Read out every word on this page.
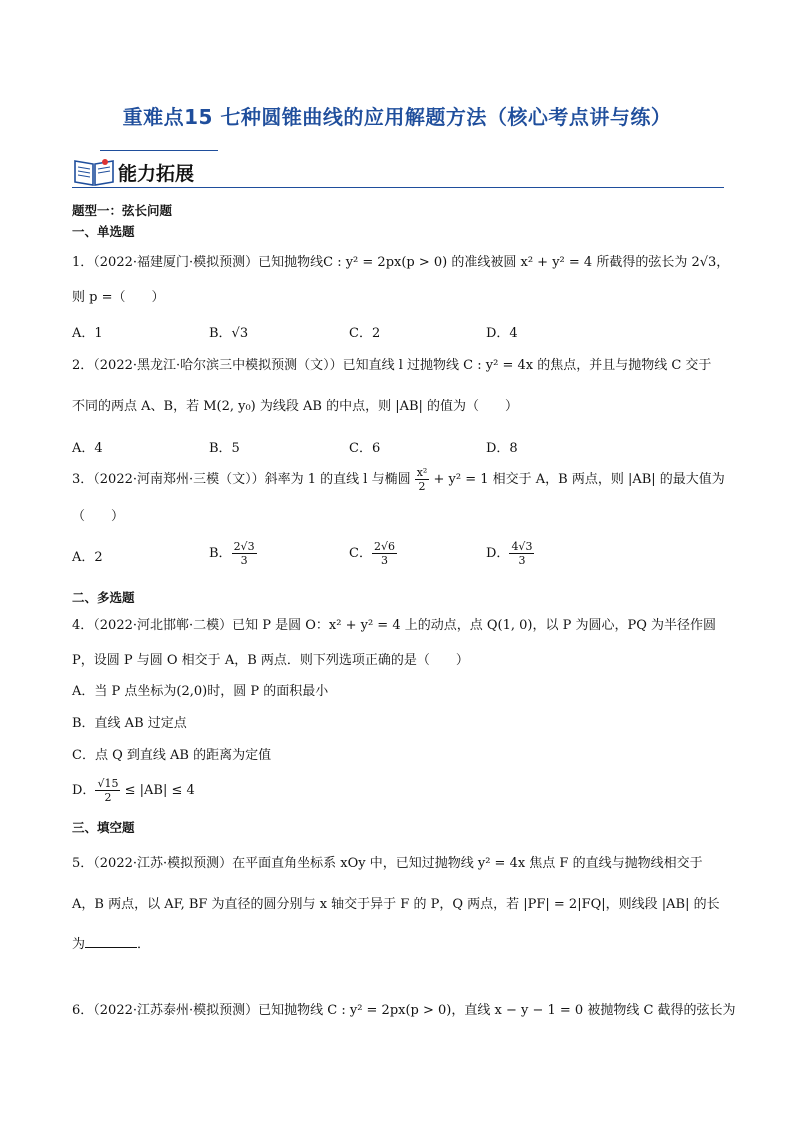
重难点15 七种圆锥曲线的应用解题方法（核心考点讲与练）
能力拓展
题型一：弦长问题
一、单选题
1．（2022·福建厦门·模拟预测）已知抛物线C : y² = 2px(p > 0) 的准线被圆 x² + y² = 4 所截得的弦长为 2√3，
则 p =（　　）
A．1	B．√3	C．2	D．4
2．（2022·黑龙江·哈尔滨三中模拟预测（文））已知直线 l 过抛物线 C : y² = 4x 的焦点，并且与抛物线 C 交于
不同的两点 A、B，若 M(2, y₀) 为线段 AB 的中点，则 |AB| 的值为（　　）
A．4	B．5	C．6	D．8
3．（2022·河南郑州·三模（文））斜率为 1 的直线 l 与椭圆 $\frac{\text{x²}}{2} + y^2 = 1$ 相交于 A，B 两点，则 |AB| 的最大值为
（　　）
A．2	B． $\frac{2√3}{3}$	C． $\frac{2√6}{3}$	D． $\frac{4√3}{3}$
二、多选题
4．（2022·河北邯郸·二模）已知 P 是圆 O：x² + y² = 4 上的动点，点 Q(1, 0)，以 P 为圆心，PQ 为半径作圆
P，设圆 P 与圆 O 相交于 A，B 两点．则下列选项正确的是（　　）
A．当 P 点坐标为(2,0)时，圆 P 的面积最小
B．直线 AB 过定点
C．点 Q 到直线 AB 的距离为定值
D． $\frac{√15}{2} \le |AB| \le 4$
三、填空题
5．（2022·江苏·模拟预测）在平面直角坐标系 xOy 中，已知过抛物线 y² = 4x 焦点 F 的直线与抛物线相交于
A，B 两点，以 AF, BF 为直径的圆分别与 x 轴交于异于 F 的 P，Q 两点，若 |PF| = 2|FQ|，则线段 |AB| 的长
为	．
6．（2022·江苏泰州·模拟预测）已知抛物线 C : y² = 2px(p > 0)，直线 x − y − 1 = 0 被抛物线 C 截得的弦长为
